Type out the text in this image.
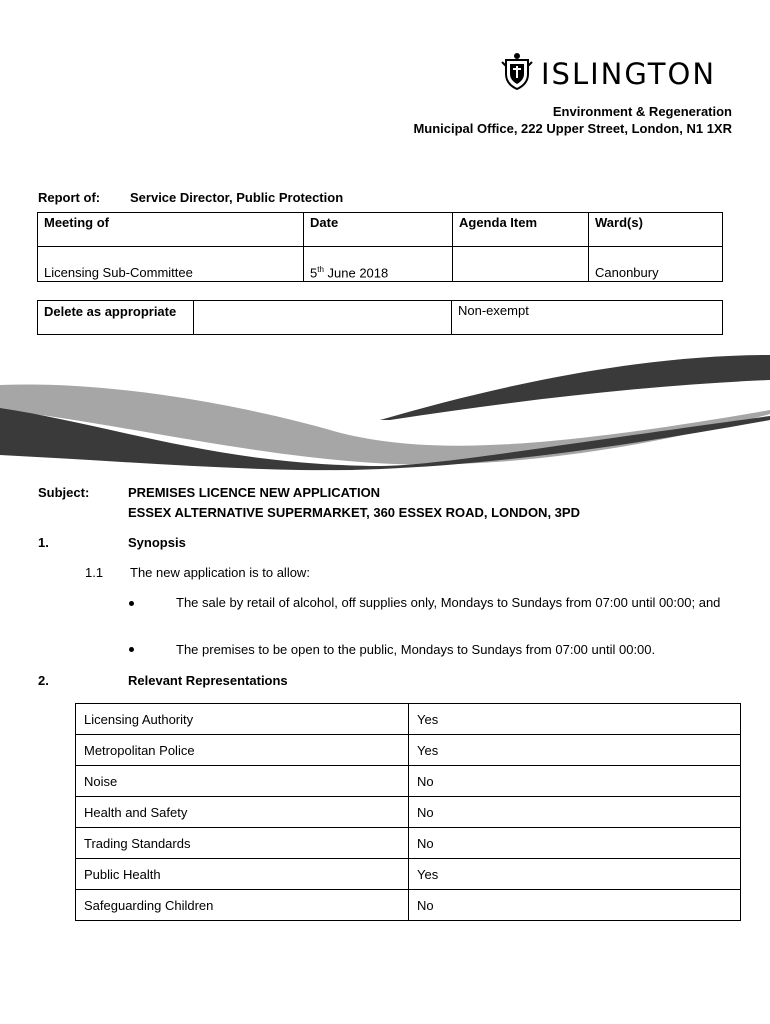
ISLINGTON
Environment & Regeneration
Municipal Office, 222 Upper Street, London, N1 1XR
Report of: Service Director, Public Protection
Meeting of	Date	Agenda Item	Ward(s)
Licensing Sub-Committee	5th June 2018		Canonbury
Delete as appropriate		Non-exempt
Subject:	PREMISES LICENCE NEW APPLICATION
ESSEX ALTERNATIVE SUPERMARKET, 360 ESSEX ROAD, LONDON, 3PD
1.	Synopsis
1.1 The new application is to allow:
The sale by retail of alcohol, off supplies only, Mondays to Sundays from 07:00 until 00:00; and
The premises to be open to the public, Mondays to Sundays from 07:00 until 00:00.
2.	Relevant Representations
Licensing Authority	Yes
Metropolitan Police	Yes
Noise	No
Health and Safety	No
Trading Standards	No
Public Health	Yes
Safeguarding Children	No
